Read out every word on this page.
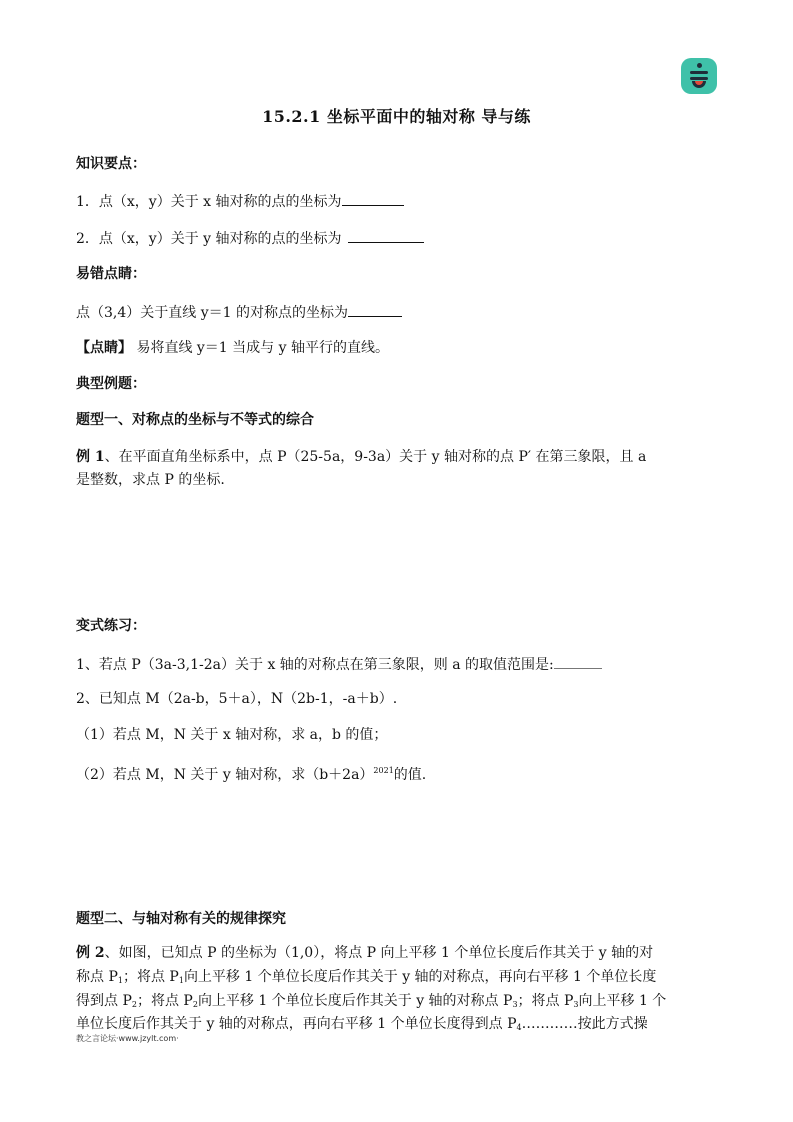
15.2.1 坐标平面中的轴对称 导与练
知识要点：
1．点（x，y）关于 x 轴对称的点的坐标为
2．点（x，y）关于 y 轴对称的点的坐标为
易错点睛：
点（3,4）关于直线 y＝1 的对称点的坐标为
【点睛】 易将直线 y＝1 当成与 y 轴平行的直线。
典型例题：
题型一、对称点的坐标与不等式的综合
例 1、在平面直角坐标系中，点 P（25-5a，9-3a）关于 y 轴对称的点 P′ 在第三象限，且 a
是整数，求点 P 的坐标.
变式练习：
1、若点 P（3a-3,1-2a）关于 x 轴的对称点在第三象限，则 a 的取值范围是:
2、已知点 M（2a-b，5＋a），N（2b-1，-a＋b）.
（1）若点 M，N 关于 x 轴对称，求 a，b 的值；
（2）若点 M，N 关于 y 轴对称，求$(b+2a)^{2021}$的值.
题型二、与轴对称有关的规律探究
例 2、如图，已知点 P 的坐标为（1,0），将点 P 向上平移 1 个单位长度后作其关于 y 轴的对
称点 $P_1$；将点 $P_1$向上平移 1 个单位长度后作其关于 y 轴的对称点，再向右平移 1 个单位长度
得到点 $P_2$；将点 $P_2$向上平移 1 个单位长度后作其关于 y 轴的对称点 $P_3$；将点 $P_3$向上平移 1 个
单位长度后作其关于 y 轴的对称点，再向右平移 1 个单位长度得到点 $P_4\dots\dots\dots\dots$按此方式操
教之言论坛·www.jzylt.com·
